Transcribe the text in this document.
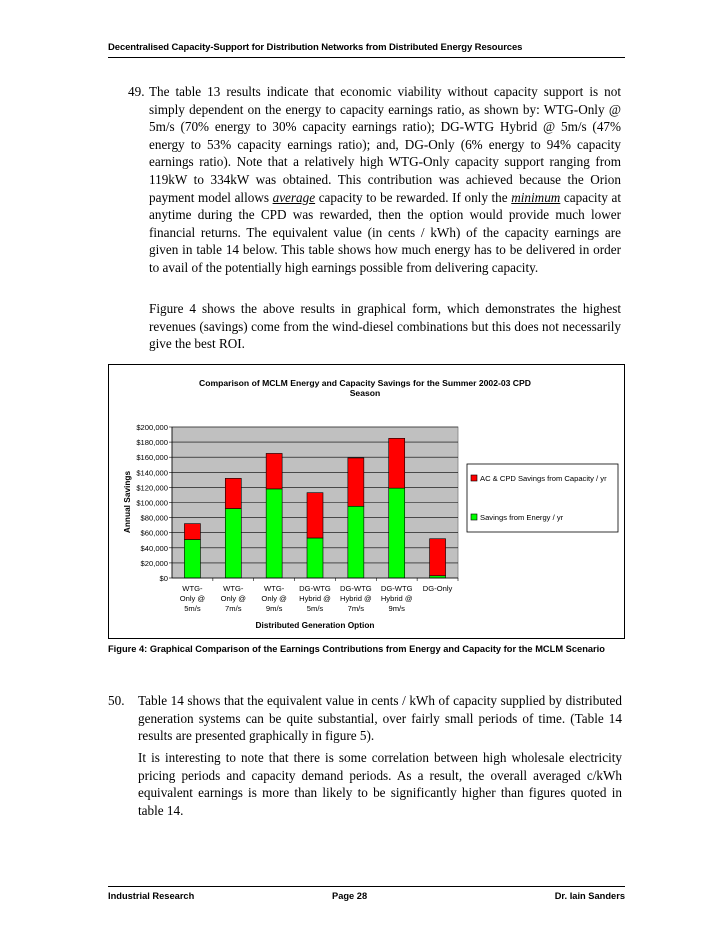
Decentralised Capacity-Support for Distribution Networks from Distributed Energy Resources
49. The table 13 results indicate that economic viability without capacity support is not simply dependent on the energy to capacity earnings ratio, as shown by: WTG-Only @ 5m/s (70% energy to 30% capacity earnings ratio); DG-WTG Hybrid @ 5m/s (47% energy to 53% capacity earnings ratio); and, DG-Only (6% energy to 94% capacity earnings ratio). Note that a relatively high WTG-Only capacity support ranging from 119kW to 334kW was obtained. This contribution was achieved because the Orion payment model allows average capacity to be rewarded. If only the minimum capacity at anytime during the CPD was rewarded, then the option would provide much lower financial returns. The equivalent value (in cents / kWh) of the capacity earnings are given in table 14 below. This table shows how much energy has to be delivered in order to avail of the potentially high earnings possible from delivering capacity.
Figure 4 shows the above results in graphical form, which demonstrates the highest revenues (savings) come from the wind-diesel combinations but this does not necessarily give the best ROI.
Comparison of MCLM Energy and Capacity Savings for the Summer 2002-03 CPD
Season
$0
$20,000
$40,000
$60,000
$80,000
$100,000
$120,000
$140,000
$160,000
$180,000
$200,000
WTG-
Only @
5m/s
WTG-
Only @
7m/s
WTG-
Only @
9m/s
DG-WTG
Hybrid @
5m/s
DG-WTG
Hybrid @
7m/s
DG-WTG
Hybrid @
9m/s
DG-Only
Annual Savings
Distributed Generation Option
AC & CPD Savings from Capacity / yr
Savings from Energy / yr
Figure 4: Graphical Comparison of the Earnings Contributions from Energy and Capacity for the MCLM Scenario
50. Table 14 shows that the equivalent value in cents / kWh of capacity supplied by distributed generation systems can be quite substantial, over fairly small periods of time. (Table 14 results are presented graphically in figure 5).
It is interesting to note that there is some correlation between high wholesale electricity pricing periods and capacity demand periods. As a result, the overall averaged c/kWh equivalent earnings is more than likely to be significantly higher than figures quoted in table 14.
Industrial Research	Page 28	Dr. Iain Sanders
